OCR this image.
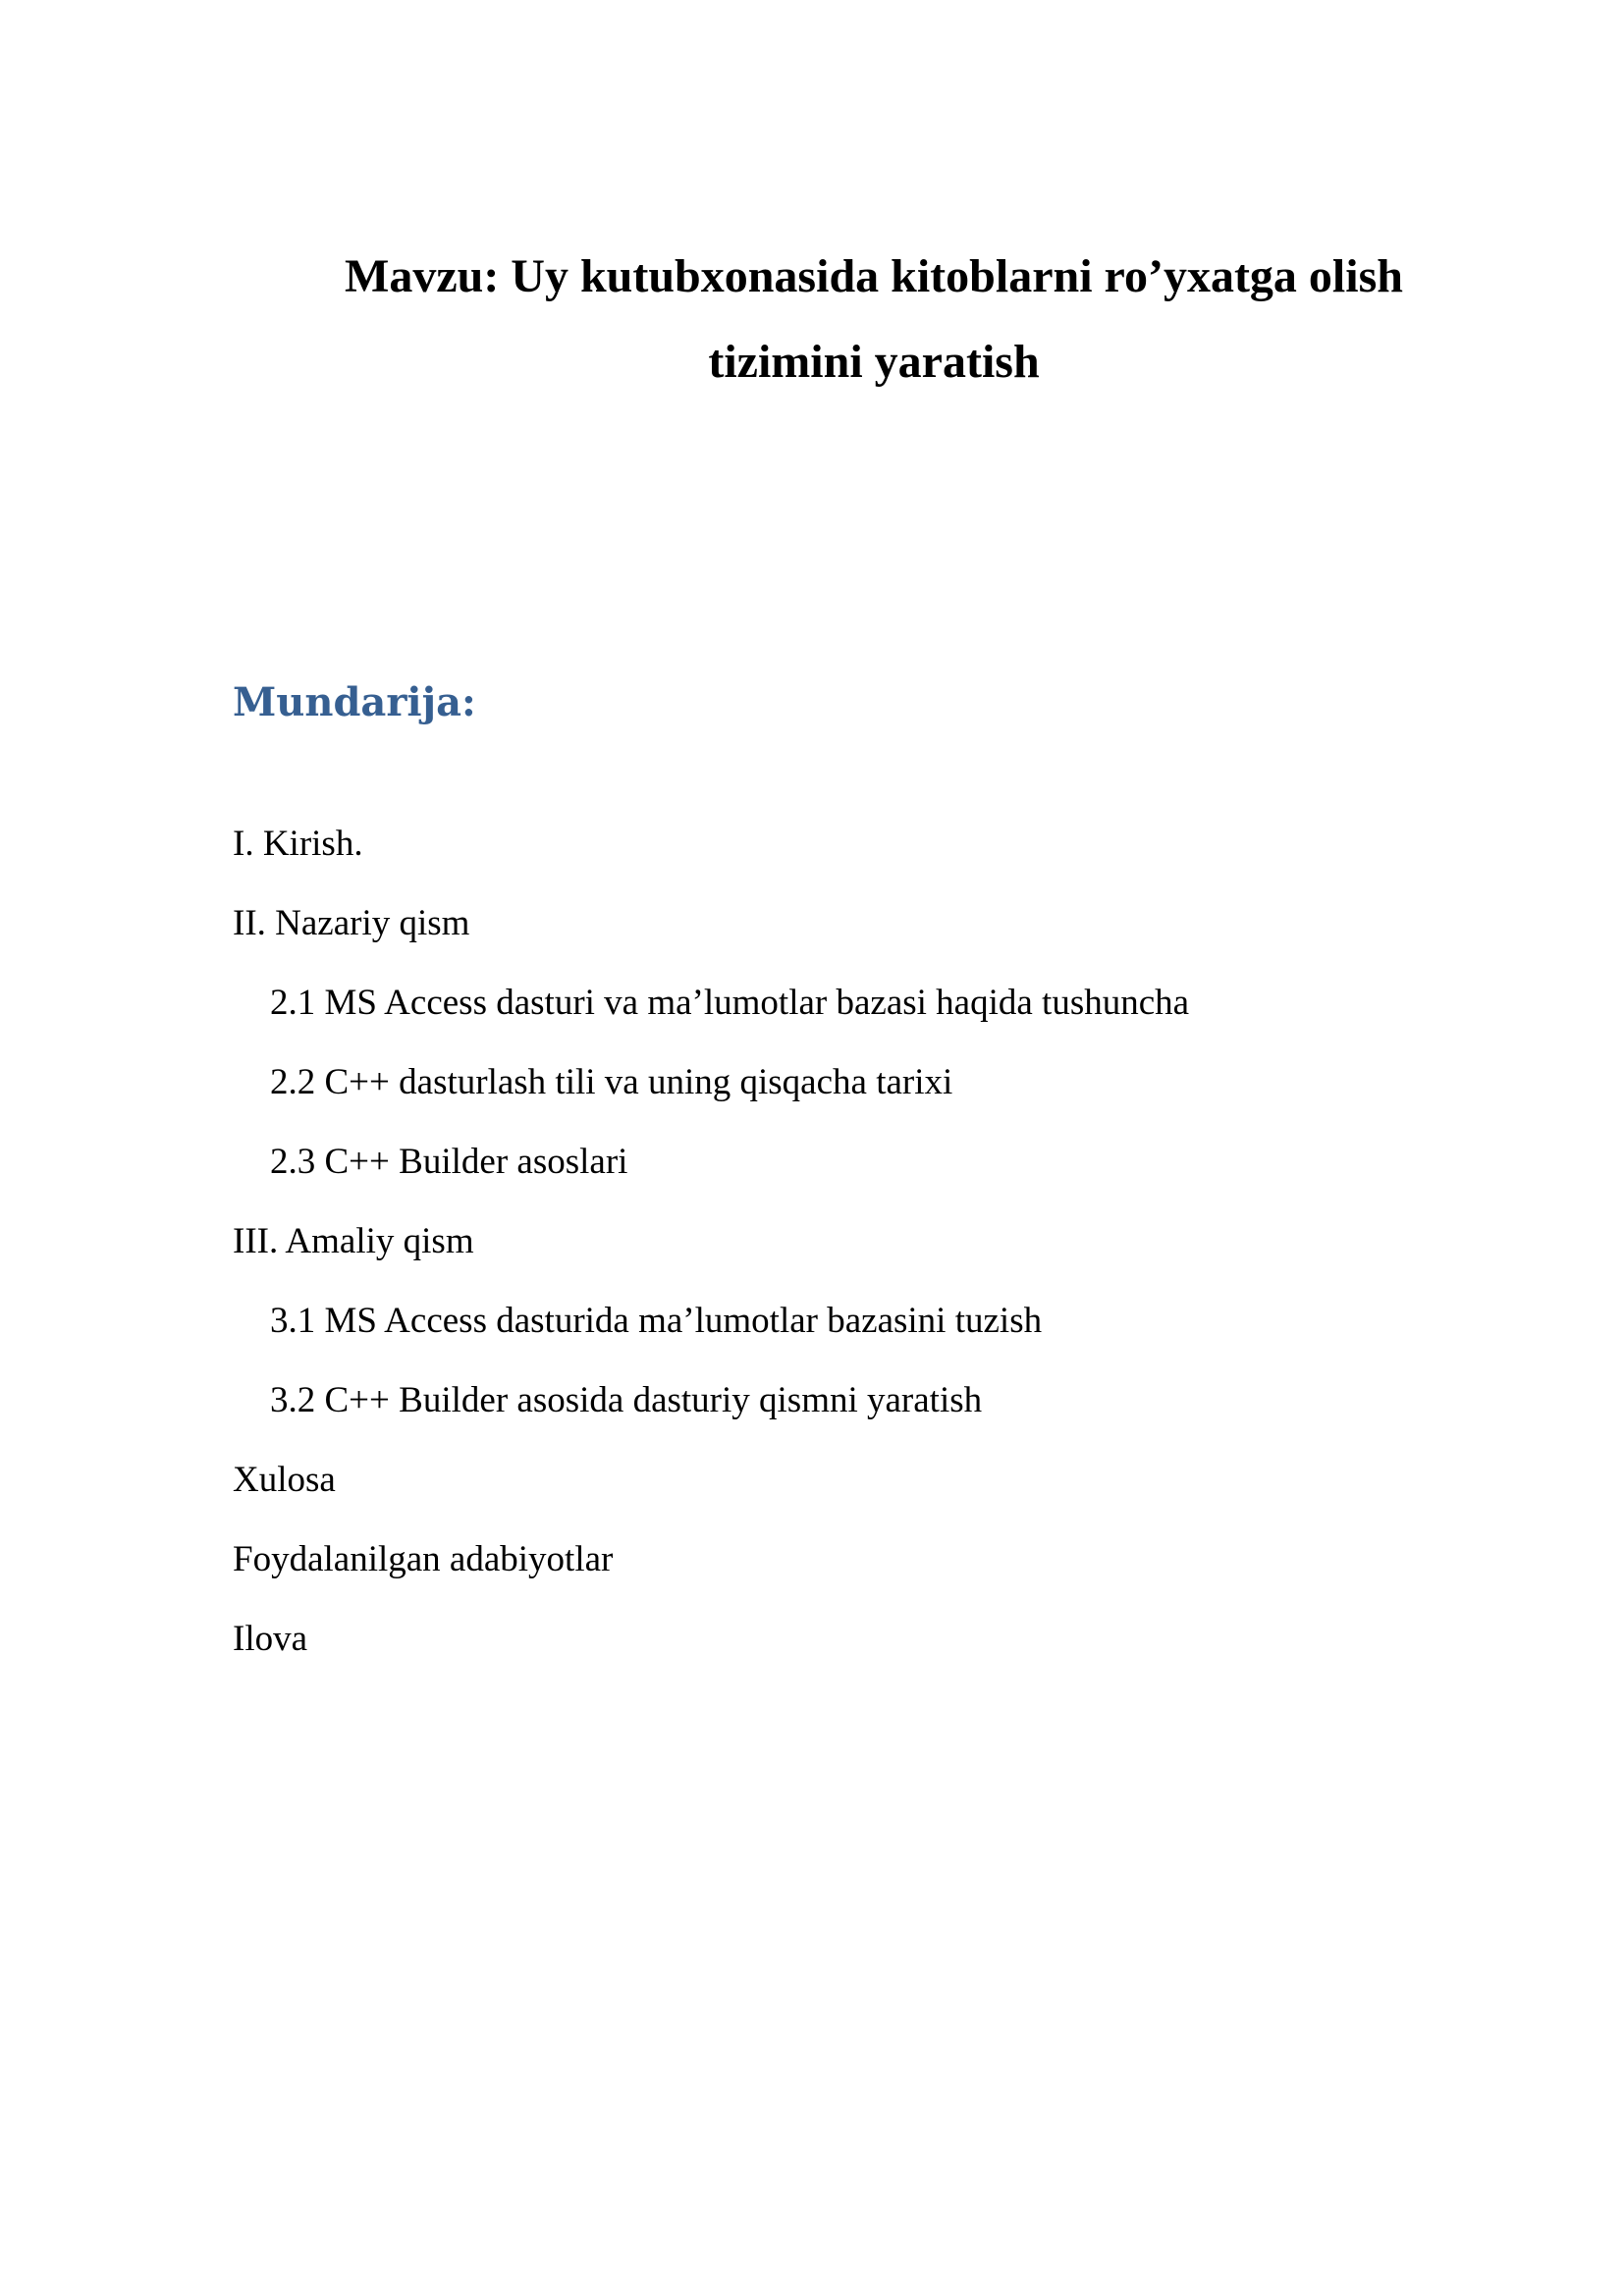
Mavzu: Uy kutubxonasida kitoblarni ro’yxatga olish
tizimini yaratish
Mundarija:
I. Kirish.
II. Nazariy qism
2.1 MS Access dasturi va ma’lumotlar bazasi haqida tushuncha
2.2 C++ dasturlash tili va uning qisqacha tarixi
2.3 C++ Builder asoslari
III. Amaliy qism
3.1 MS Access dasturida ma’lumotlar bazasini tuzish
3.2 C++ Builder asosida dasturiy qismni yaratish
Xulosa
Foydalanilgan adabiyotlar
Ilova
